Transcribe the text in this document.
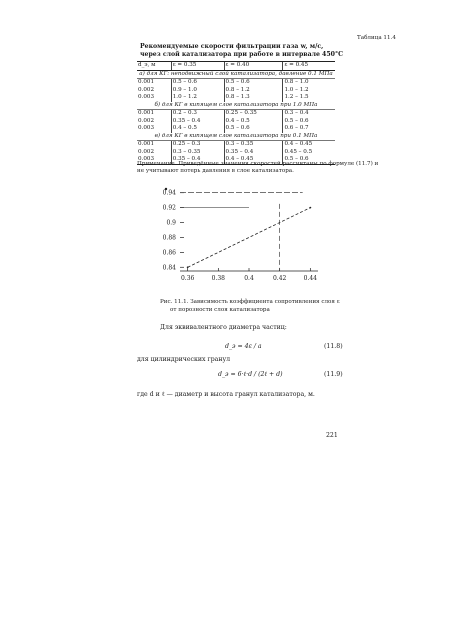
Таблица 11.4
Рекомендуемые скорости фильтрации газа w, м/с,
через слой катализатора при работе в интервале 450°С
d_э, м	ε = 0.35	ε = 0.40	ε = 0.45
а) для КГ: неподвижный слой катализатора, давление 0.1 МПа			
0.001	0.5 – 0.6	0.5 – 0.6	0.8 – 1.0
0.002	0.9 – 1.0	0.8 – 1.2	1.0 – 1.2
0.003	1.0 – 1.2	0.8 – 1.3	1.2 – 1.5
б) для КГ в кипящем слое катализатора при 1.0 МПа			
0.001	0.2 – 0.3	0.25 – 0.35	0.3 – 0.4
0.002	0.35 – 0.4	0.4 – 0.5	0.5 – 0.6
0.003	0.4 – 0.5	0.5 – 0.6	0.6 – 0.7
в) для КГ в кипящем слое катализатора при 0.1 МПа			
0.001	0.25 – 0.3	0.3 – 0.35	0.4 – 0.45
0.002	0.3 – 0.35	0.35 – 0.4	0.45 – 0.5
0.003	0.35 – 0.4	0.4 – 0.45	0.5 – 0.6
Примечание. Приведённые значения скоростей рассчитаны по формуле (11.7) и
не учитывают потерь давления в слое катализатора.
0.94
0.92
0.9
0.88
0.86
0.84
0.36	0.38	0.4	0.42	0.44
Рис. 11.1. Зависимость коэффициента сопротивления слоя ε
от порозности слоя катализатора
Для эквивалентного диаметра частиц:
d_э = 4ε / a	(11.8)
для цилиндрических гранул
d_э = 6·ℓ·d / (2ℓ + d)	(11.9)
где d и ℓ — диаметр и высота гранул катализатора, м.
221
